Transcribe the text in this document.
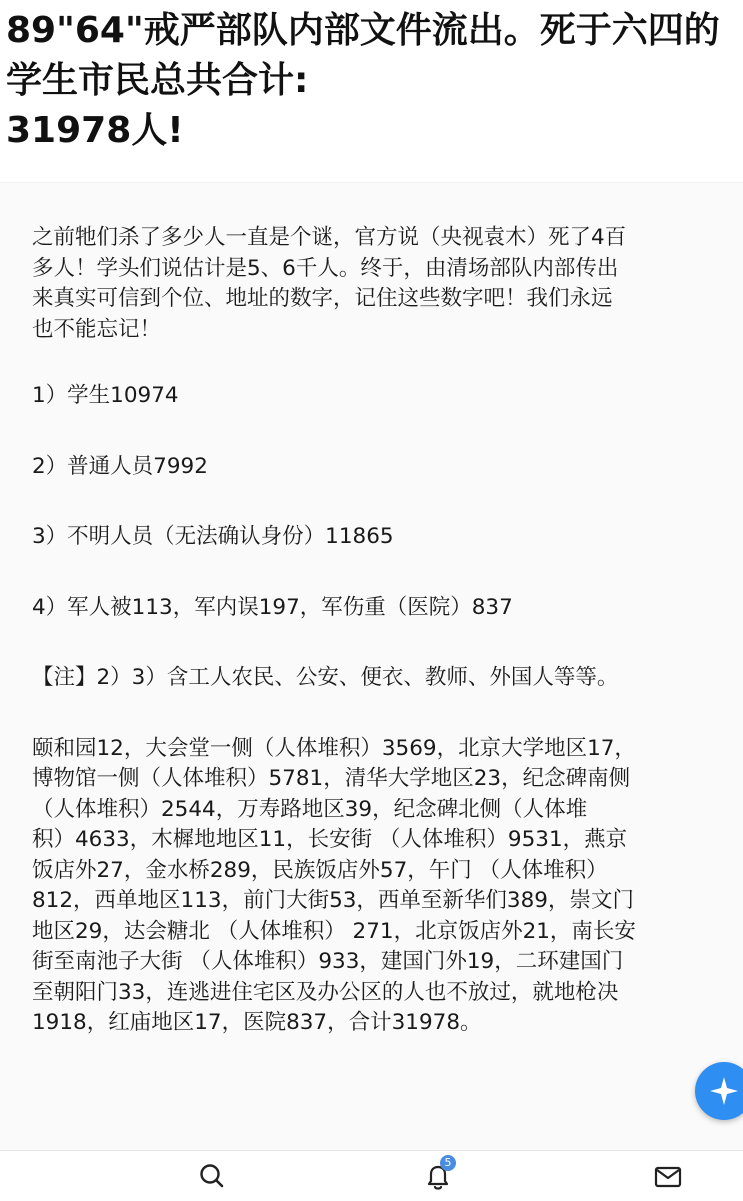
89"64"戒严部队内部文件流出。死于六四的
学生市民总共合计:
31978人!
之前牠们杀了多少人一直是个谜，官方说（央视袁木）死了4百
多人！学头们说估计是5、6千人。终于，由清场部队内部传出
来真实可信到个位、地址的数字，记住这些数字吧！我们永远
也不能忘记！
1）学生10974
2）普通人员7992
3）不明人员（无法确认身份）11865
4）军人被113，军内误197，军伤重（医院）837
【注】2）3）含工人农民、公安、便衣、教师、外国人等等。
颐和园12，大会堂一侧（人体堆积）3569，北京大学地区17，
博物馆一侧（人体堆积）5781，清华大学地区23，纪念碑南侧
（人体堆积）2544，万寿路地区39，纪念碑北侧（人体堆
积）4633，木樨地地区11，长安街 （人体堆积）9531，燕京
饭店外27，金水桥289，民族饭店外57，午门 （人体堆积）
812，西单地区113，前门大街53，西单至新华们389，崇文门
地区29，达会糖北 （人体堆积） 271，北京饭店外21，南长安
街至南池子大街 （人体堆积）933，建国门外19，二环建国门
至朝阳门33，连逃进住宅区及办公区的人也不放过，就地枪决
1918，红庙地区17，医院837，合计31978。
5
